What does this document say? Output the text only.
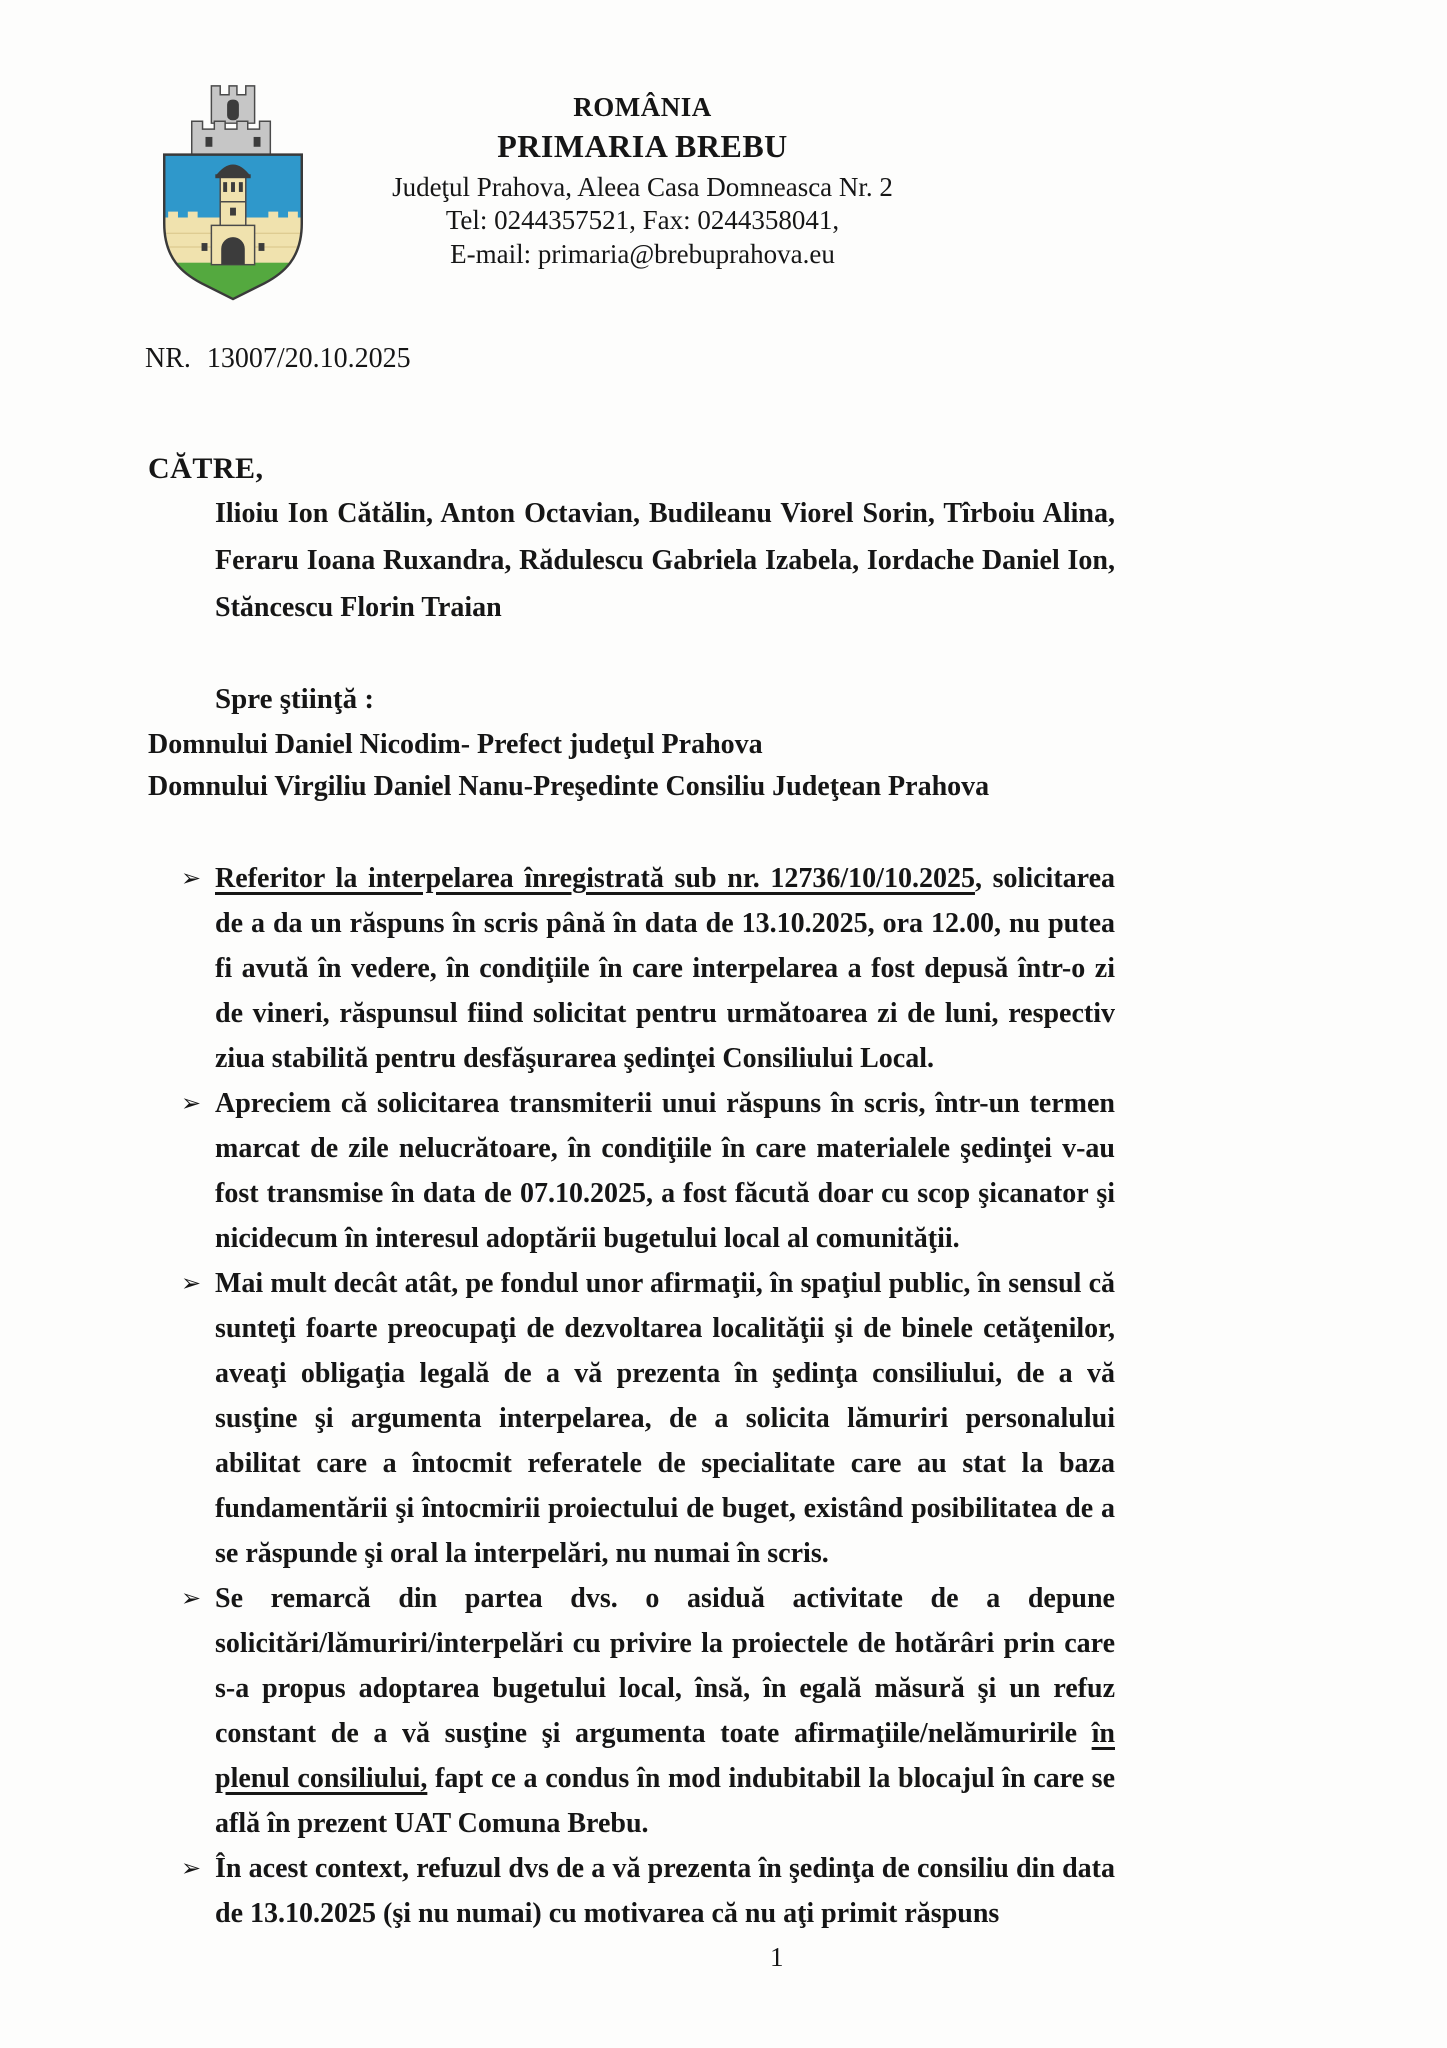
ROMÂNIA
PRIMARIA BREBU
Judeţul Prahova, Aleea Casa Domneasca Nr. 2
Tel: 0244357521, Fax: 0244358041,
E-mail: primaria@brebuprahova.eu
NR. 13007/20.10.2025
CĂTRE,

Ilioiu Ion Cătălin, Anton Octavian, Budileanu Viorel Sorin, Tîrboiu Alina, Feraru Ioana Ruxandra, Rădulescu Gabriela Izabela, Iordache Daniel Ion, Stăncescu Florin Traian

Spre ştiinţă :
Domnului Daniel Nicodim- Prefect judeţul Prahova
Domnului Virgiliu Daniel Nanu-Preşedinte Consiliu Judeţean Prahova
➢ Referitor la interpelarea înregistrată sub nr. 12736/10/10.2025, solicitarea de a da un răspuns în scris până în data de 13.10.2025, ora 12.00, nu putea fi avută în vedere, în condiţiile în care interpelarea a fost depusă într-o zi de vineri, răspunsul fiind solicitat pentru următoarea zi de luni, respectiv ziua stabilită pentru desfăşurarea şedinţei Consiliului Local.

➢ Apreciem că solicitarea transmiterii unui răspuns în scris, într-un termen marcat de zile nelucrătoare, în condiţiile în care materialele şedinţei v-au fost transmise în data de 07.10.2025, a fost făcută doar cu scop şicanator şi nicidecum în interesul adoptării bugetului local al comunităţii.

➢ Mai mult decât atât, pe fondul unor afirmaţii, în spaţiul public, în sensul că sunteţi foarte preocupaţi de dezvoltarea localităţii şi de binele cetăţenilor, aveaţi obligaţia legală de a vă prezenta în şedinţa consiliului, de a vă susţine şi argumenta interpelarea, de a solicita lămuriri personalului abilitat care a întocmit referatele de specialitate care au stat la baza fundamentării şi întocmirii proiectului de buget, existând posibilitatea de a se răspunde şi oral la interpelări, nu numai în scris.

➢ Se remarcă din partea dvs. o asiduă activitate de a depune solicitări/lămuriri/interpelări cu privire la proiectele de hotărâri prin care s-a propus adoptarea bugetului local, însă, în egală măsură şi un refuz constant de a vă susţine şi argumenta toate afirmaţiile/nelămuririle în plenul consiliului, fapt ce a condus în mod indubitabil la blocajul în care se află în prezent UAT Comuna Brebu.

➢ În acest context, refuzul dvs de a vă prezenta în şedinţa de consiliu din data de 13.10.2025 (şi nu numai) cu motivarea că nu aţi primit răspuns

1
